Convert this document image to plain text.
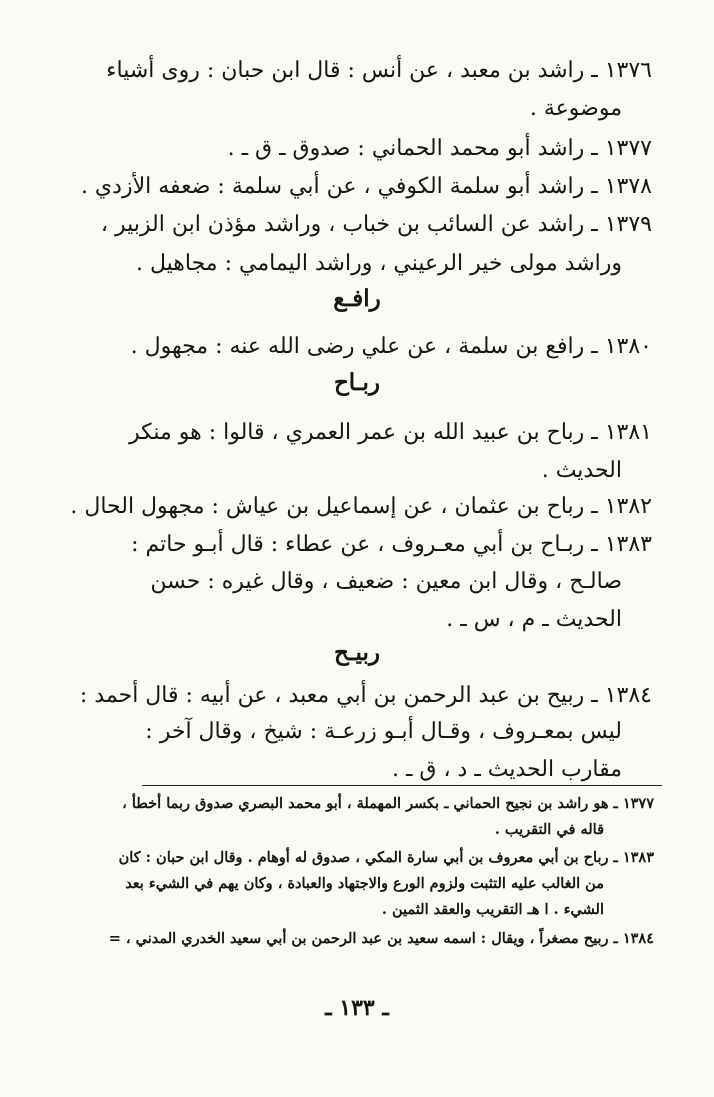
١٣٧٦ ـ راشد بن معبد ، عن أنس : قال ابن حبان : روى أشياء
موضوعة .
١٣٧٧ ـ راشد أبو محمد الحماني : صدوق ـ ق ـ .
١٣٧٨ ـ راشد أبو سلمة الكوفي ، عن أبي سلمة : ضعفه الأزدي .
١٣٧٩ ـ راشد عن السائب بن خباب ، وراشد مؤذن ابن الزبير ،
وراشد مولى خير الرعيني ، وراشد اليمامي : مجاهيل .
رافـع
١٣٨٠ ـ رافع بن سلمة ، عن علي رضى الله عنه : مجهول .
ربـاح
١٣٨١ ـ رباح بن عبيد الله بن عمر العمري ، قالوا : هو منكر
الحديث .
١٣٨٢ ـ رباح بن عثمان ، عن إسماعيل بن عياش : مجهول الحال .
١٣٨٣ ـ ربـاح بن أبي معـروف ، عن عطاء : قال أبـو حاتم :
صالـح ، وقال ابن معين : ضعيف ، وقال غيره : حسن
الحديث ـ م ، س ـ .
ربيـح
١٣٨٤ ـ ربيح بن عبد الرحمن بن أبي معبد ، عن أبيه : قال أحمد :
ليس بمعـروف ، وقـال أبـو زرعـة : شيخ ، وقال آخر :
مقارب الحديث ـ د ، ق ـ .
١٣٧٧ ـ هو راشد بن نجيح الحماني ـ بكسر المهملة ، أبو محمد البصري صدوق ربما أخطأ ،
قاله في التقريب .
١٣٨٣ ـ رباح بن أبي معروف بن أبي سارة المكي ، صدوق له أوهام . وقال ابن حبان : كان
من الغالب عليه التثبت ولزوم الورع والاجتهاد والعبادة ، وكان يهم في الشيء بعد
الشيء . ا هـ التقريب والعقد الثمين .
١٣٨٤ ـ ربيح مصغراً ، ويقال : اسمه سعيد بن عبد الرحمن بن أبي سعيد الخدري المدني ، =
ـ ١٣٣ ـ
